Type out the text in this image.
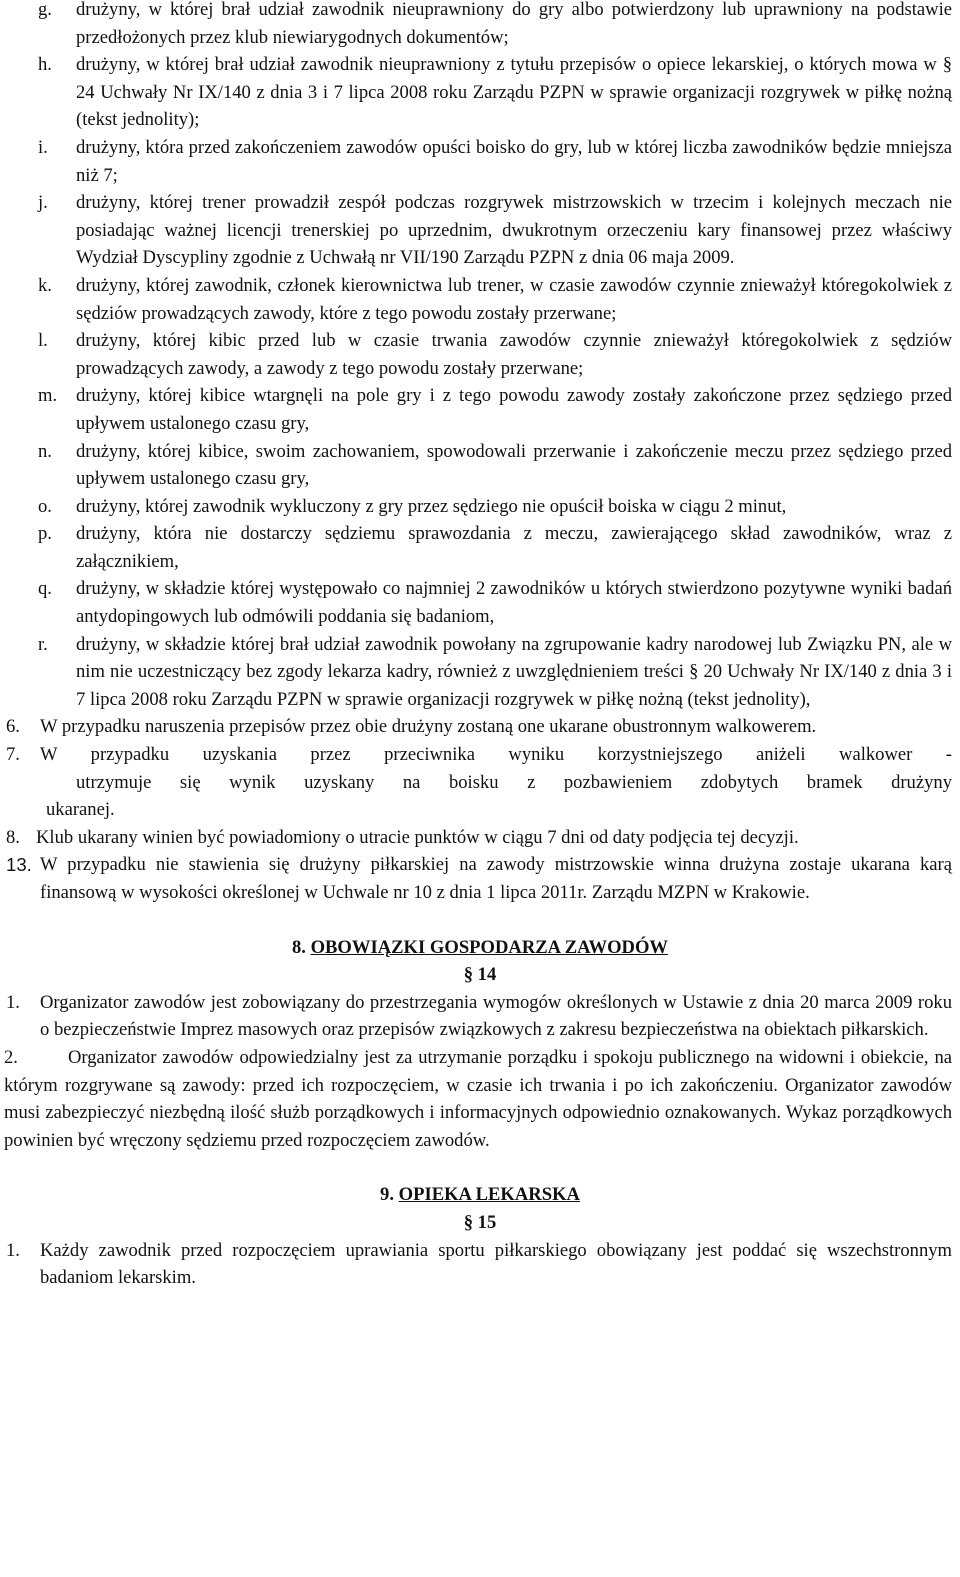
g.	drużyny, w której brał udział zawodnik nieuprawniony do gry albo potwierdzony lub uprawniony na podstawie przedłożonych przez klub niewiarygodnych dokumentów;
h.	drużyny, w której brał udział zawodnik nieuprawniony z tytułu przepisów o opiece lekarskiej, o których mowa w § 24 Uchwały Nr IX/140 z dnia 3 i 7 lipca 2008 roku Zarządu PZPN w sprawie organizacji rozgrywek w piłkę nożną (tekst jednolity);
i.	drużyny, która przed zakończeniem zawodów opuści boisko do gry, lub w której liczba zawodników będzie mniejsza niż 7;
j.	drużyny, której trener prowadził zespół podczas rozgrywek mistrzowskich w trzecim i kolejnych meczach nie posiadając ważnej licencji trenerskiej po uprzednim, dwukrotnym orzeczeniu kary finansowej przez właściwy Wydział Dyscypliny zgodnie z Uchwałą nr VII/190 Zarządu PZPN z dnia 06 maja 2009.
k.	drużyny, której zawodnik, członek kierownictwa lub trener, w czasie zawodów czynnie znieważył któregokolwiek z sędziów prowadzących zawody, które z tego powodu zostały przerwane;
l.	drużyny, której kibic przed lub w czasie trwania zawodów czynnie znieważył któregokolwiek z sędziów prowadzących zawody, a zawody z tego powodu zostały przerwane;
m.	drużyny, której kibice wtargnęli na pole gry i z tego powodu zawody zostały zakończone przez sędziego przed upływem ustalonego czasu gry,
n.	drużyny, której kibice, swoim zachowaniem, spowodowali przerwanie i zakończenie meczu przez sędziego przed upływem ustalonego czasu gry,
o.	drużyny, której zawodnik wykluczony z gry przez sędziego nie opuścił boiska w ciągu 2 minut,
p.	drużyny, która nie dostarczy sędziemu sprawozdania z meczu, zawierającego skład zawodników, wraz z załącznikiem,
q.	drużyny, w składzie której występowało co najmniej 2 zawodników u których stwierdzono pozytywne wyniki badań antydopingowych lub odmówili poddania się badaniom,
r.	drużyny, w składzie której brał udział zawodnik powołany na zgrupowanie kadry narodowej lub Związku PN, ale w nim nie uczestniczący bez zgody lekarza kadry, również z uwzględnieniem treści § 20 Uchwały Nr IX/140 z dnia 3 i 7 lipca 2008 roku Zarządu PZPN w sprawie organizacji rozgrywek w piłkę nożną (tekst jednolity),
6.	W przypadku naruszenia przepisów przez obie drużyny zostaną one ukarane obustronnym walkowerem.
7.	W przypadku uzyskania przez przeciwnika wyniku korzystniejszego aniżeli walkower -
utrzymuje się wynik uzyskany na boisku z pozbawieniem zdobytych bramek drużyny
ukaranej.
8. Klub ukarany winien być powiadomiony o utracie punktów w ciągu 7 dni od daty podjęcia tej decyzji.
13. W przypadku nie stawienia się drużyny piłkarskiej na zawody mistrzowskie winna drużyna zostaje ukarana karą finansową w wysokości określonej w Uchwale nr 10 z dnia 1 lipca 2011r. Zarządu MZPN w Krakowie.

8. OBOWIĄZKI GOSPODARZA ZAWODÓW

§ 14

1.	Organizator zawodów jest zobowiązany do przestrzegania wymogów określonych w Ustawie z dnia 20 marca 2009 roku o bezpieczeństwie Imprez masowych oraz przepisów związkowych z zakresu bezpieczeństwa na obiektach piłkarskich.

2.	Organizator zawodów odpowiedzialny jest za utrzymanie porządku i spokoju publicznego na widowni i obiekcie, na którym rozgrywane są zawody: przed ich rozpoczęciem, w czasie ich trwania i po ich zakończeniu. Organizator zawodów musi zabezpieczyć niezbędną ilość służb porządkowych i informacyjnych odpowiednio oznakowanych. Wykaz porządkowych powinien być wręczony sędziemu przed rozpoczęciem zawodów.

9. OPIEKA LEKARSKA

§ 15

1.	Każdy zawodnik przed rozpoczęciem uprawiania sportu piłkarskiego obowiązany jest poddać się wszechstronnym badaniom lekarskim.
